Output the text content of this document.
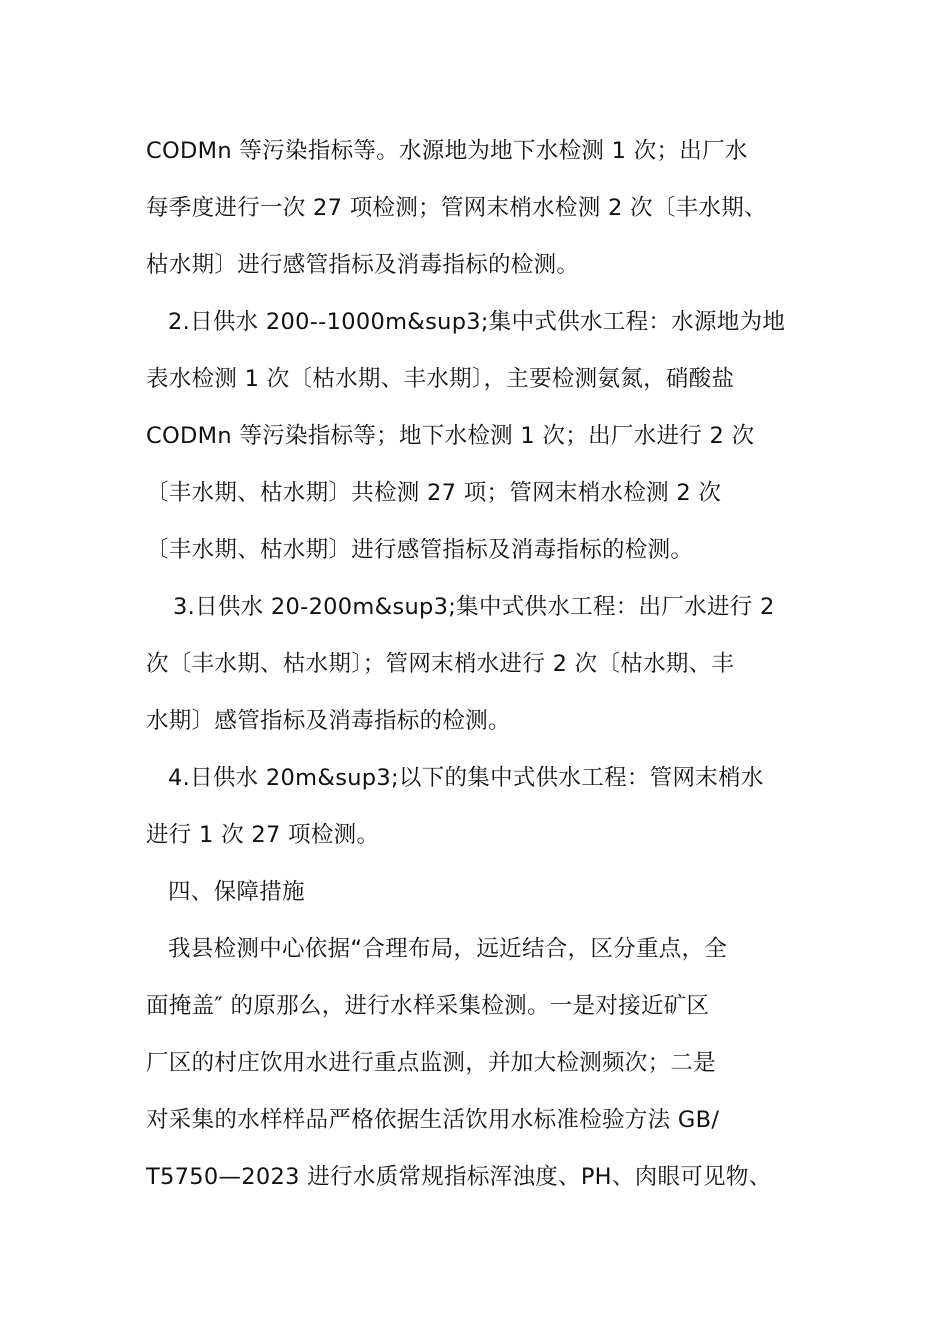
CODMn 等污染指标等。水源地为地下水检测 1 次；出厂水
每季度进行一次 27 项检测；管网末梢水检测 2 次〔丰水期、
枯水期〕进行感管指标及消毒指标的检测。
2.日供水 200--1000m&sup3;集中式供水工程：水源地为地
表水检测 1 次〔枯水期、丰水期〕，主要检测氨氮，硝酸盐
CODMn 等污染指标等；地下水检测 1 次；出厂水进行 2 次
〔丰水期、枯水期〕共检测 27 项；管网末梢水检测 2 次
〔丰水期、枯水期〕进行感管指标及消毒指标的检测。
3.日供水 20-200m&sup3;集中式供水工程：出厂水进行 2
次〔丰水期、枯水期〕；管网末梢水进行 2 次〔枯水期、丰
水期〕感管指标及消毒指标的检测。
4.日供水 20m&sup3;以下的集中式供水工程：管网末梢水
进行 1 次 27 项检测。
四、保障措施
我县检测中心依据“合理布局，远近结合，区分重点，全
面掩盖″ 的原那么，进行水样采集检测。一是对接近矿区
厂区的村庄饮用水进行重点监测，并加大检测频次；二是
对采集的水样样品严格依据生活饮用水标准检验方法 GB/
T5750—2023 进行水质常规指标浑浊度、PH、肉眼可见物、
